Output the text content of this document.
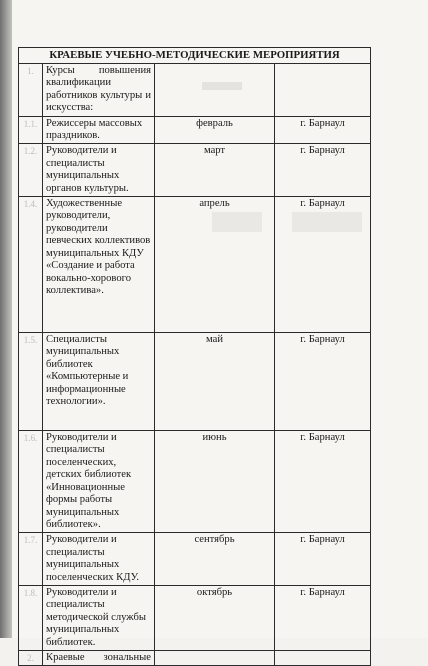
КРАЕВЫЕ УЧЕБНО-МЕТОДИЧЕСКИЕ МЕРОПРИЯТИЯ			
1.	Курсы повышения квалификации работников культуры и искусства:		
1.1.	Режиссеры массовых праздников.	февраль	г. Барнаул
1.2.	Руководители и специалисты муниципальных органов культуры.	март	г. Барнаул
1.4.	Художественные руководители, руководители певческих коллективов муниципальных КДУ «Создание и работа вокально-хорового коллектива».	апрель	г. Барнаул
1.5.	Специалисты муниципальных библиотек «Компьютерные и информационные технологии».	май	г. Барнаул
1.6.	Руководители и специалисты поселенческих, детских библиотек «Инновационные формы работы муниципальных библиотек».	июнь	г. Барнаул
1.7.	Руководители и специалисты муниципальных поселенческих КДУ.	сентябрь	г. Барнаул
1.8.	Руководители и специалисты методической службы муниципальных библиотек.	октябрь	г. Барнаул
2.	Краевые зональные		
